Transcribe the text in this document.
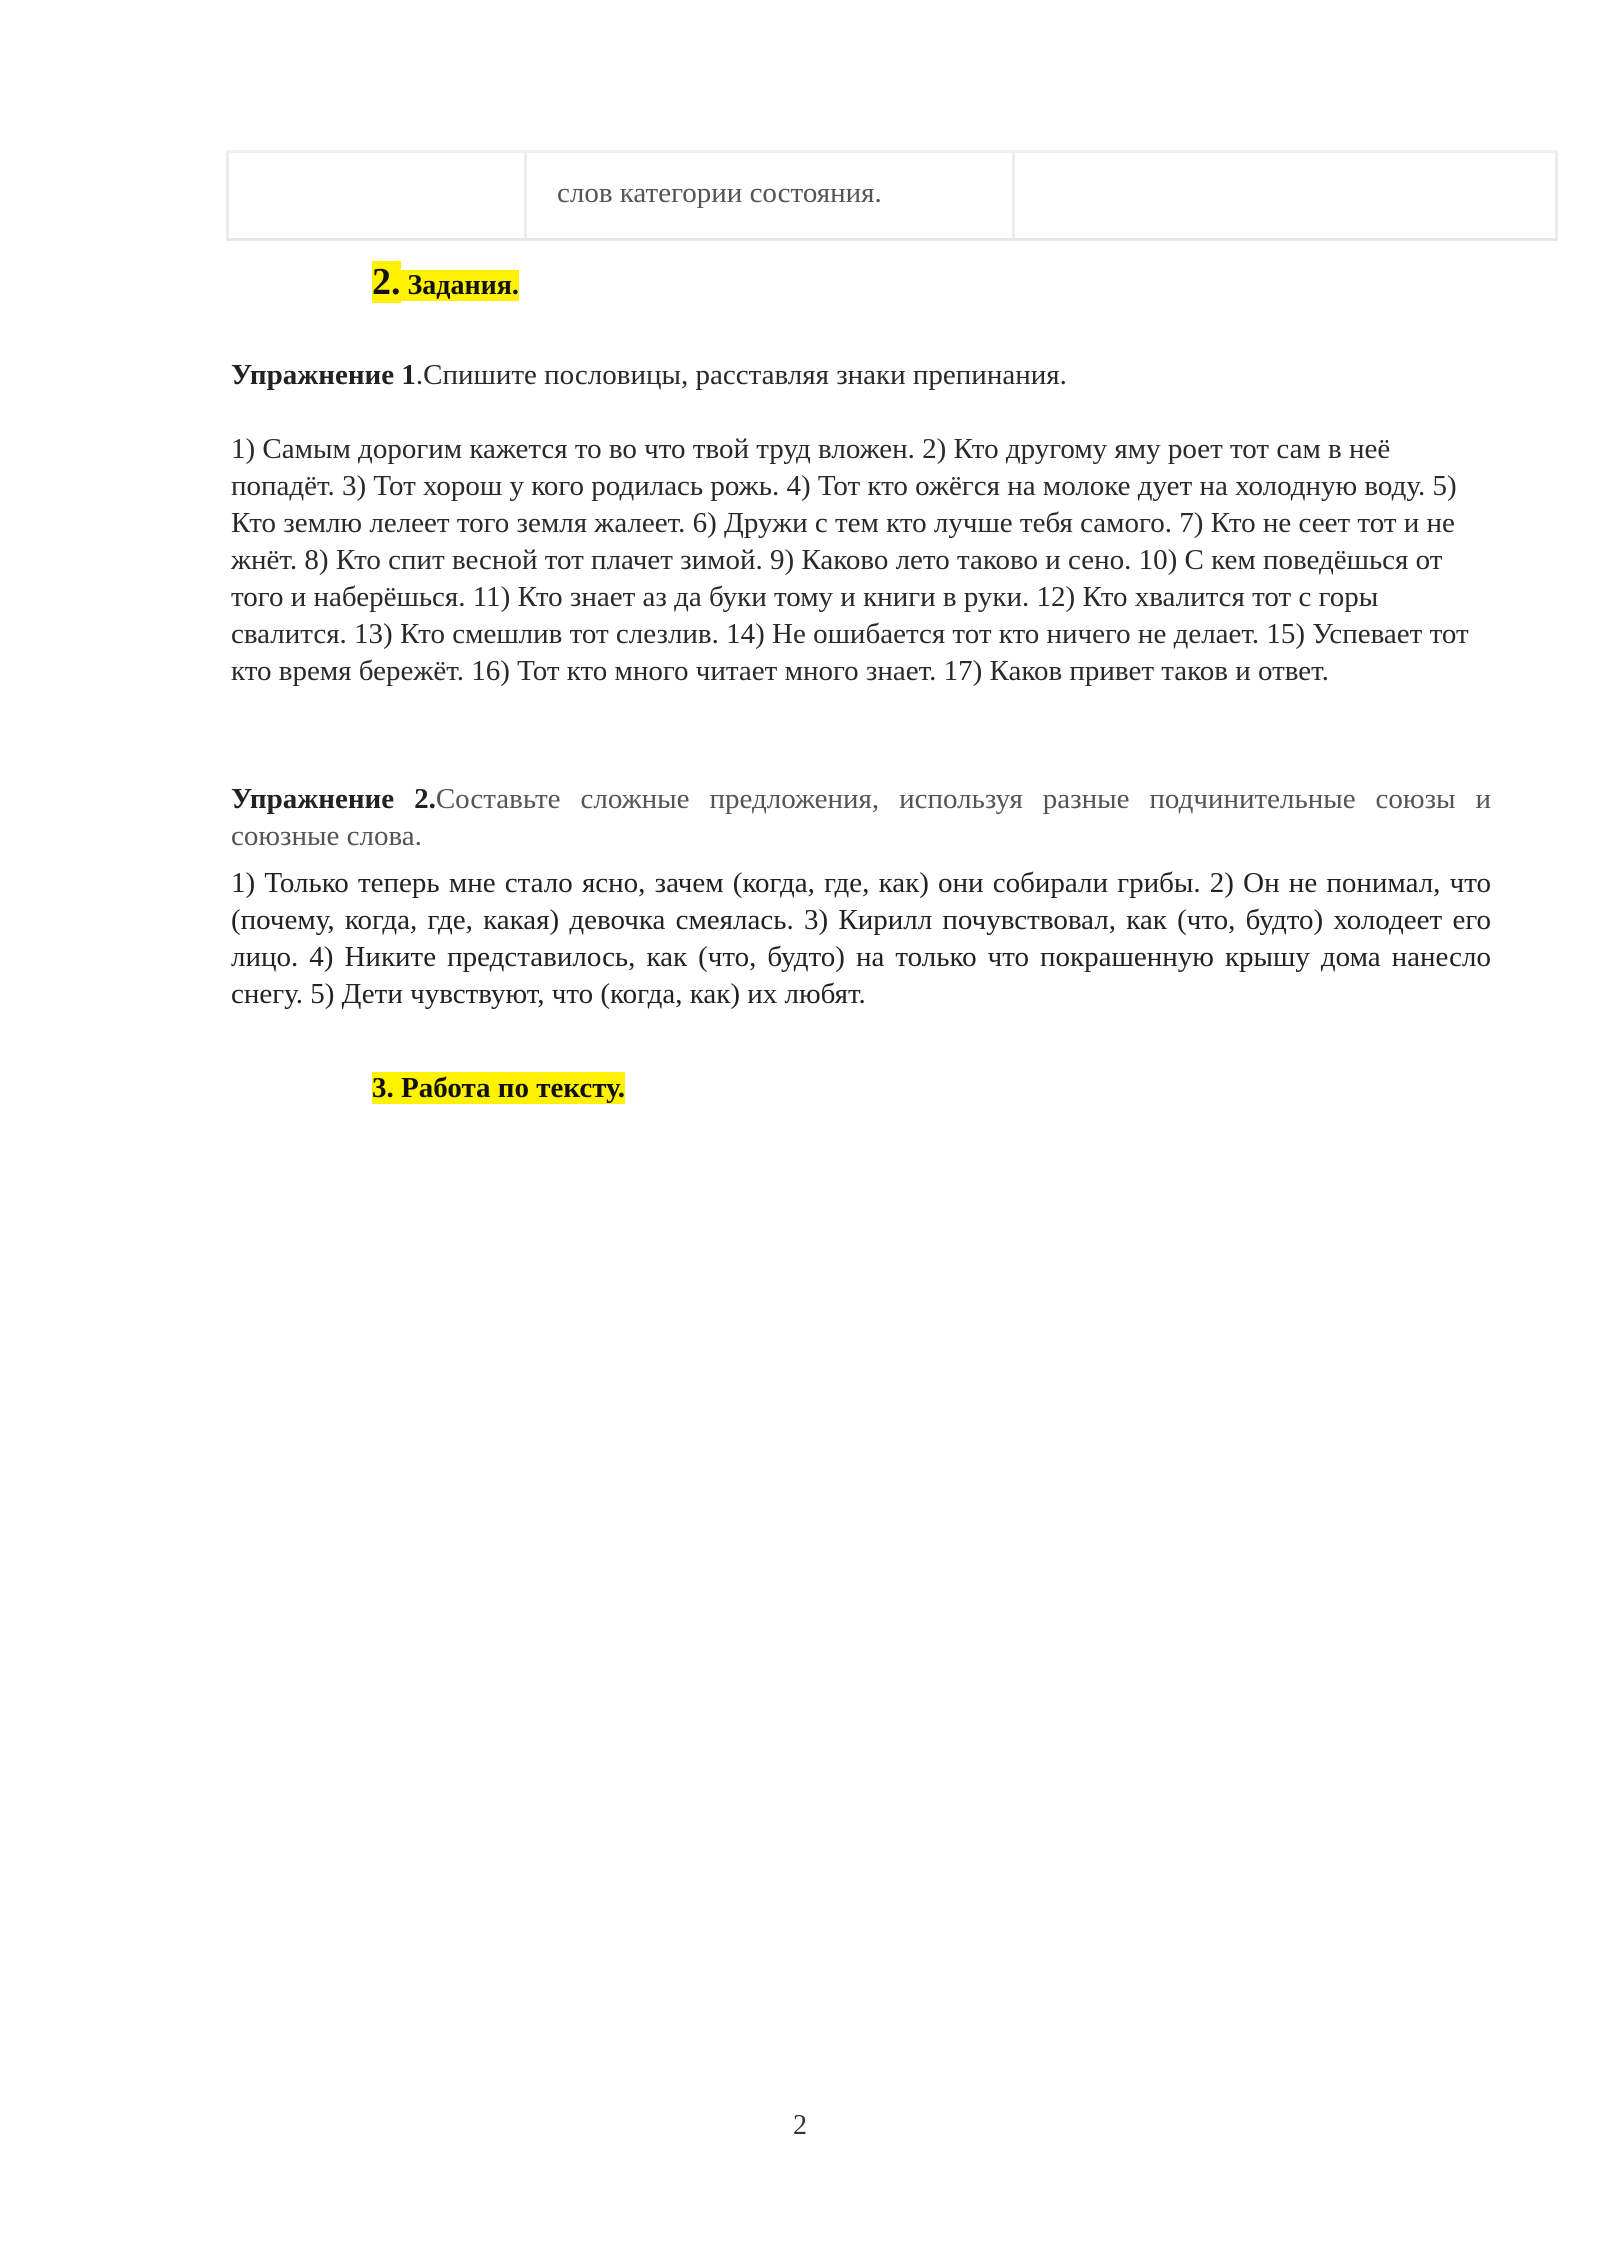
слов категории состояния.
2. Задания.

Упражнение 1.Спишите пословицы, расставляя знаки препинания.

1) Самым дорогим кажется то во что твой труд вложен. 2) Кто другому яму роет тот сам в неё попадёт. 3) Тот хорош у кого родилась рожь. 4) Тот кто ожёгся на молоке дует на холодную воду. 5) Кто землю лелеет того земля жалеет. 6) Дружи с тем кто лучше тебя самого. 7) Кто не сеет тот и не жнёт. 8) Кто спит весной тот плачет зимой. 9) Каково лето таково и сено. 10) С кем поведёшься от того и наберёшься. 11) Кто знает аз да буки тому и книги в руки. 12) Кто хвалится тот с горы свалится. 13) Кто смешлив тот слезлив. 14) Не ошибается тот кто ничего не делает. 15) Успевает тот кто время бережёт. 16) Тот кто много читает много знает. 17) Каков привет таков и ответ.

Упражнение 2.Составьте сложные предложения, используя разные подчинительные союзы и союзные слова.

1) Только теперь мне стало ясно, зачем (когда, где, как) они собирали грибы. 2) Он не понимал, что (почему, когда, где, какая) девочка смеялась. 3) Кирилл почувствовал, как (что, будто) холодеет его лицо. 4) Никите представилось, как (что, будто) на только что покрашенную крышу дома нанесло снегу. 5) Дети чувствуют, что (когда, как) их любят.

3. Работа по тексту.
2
